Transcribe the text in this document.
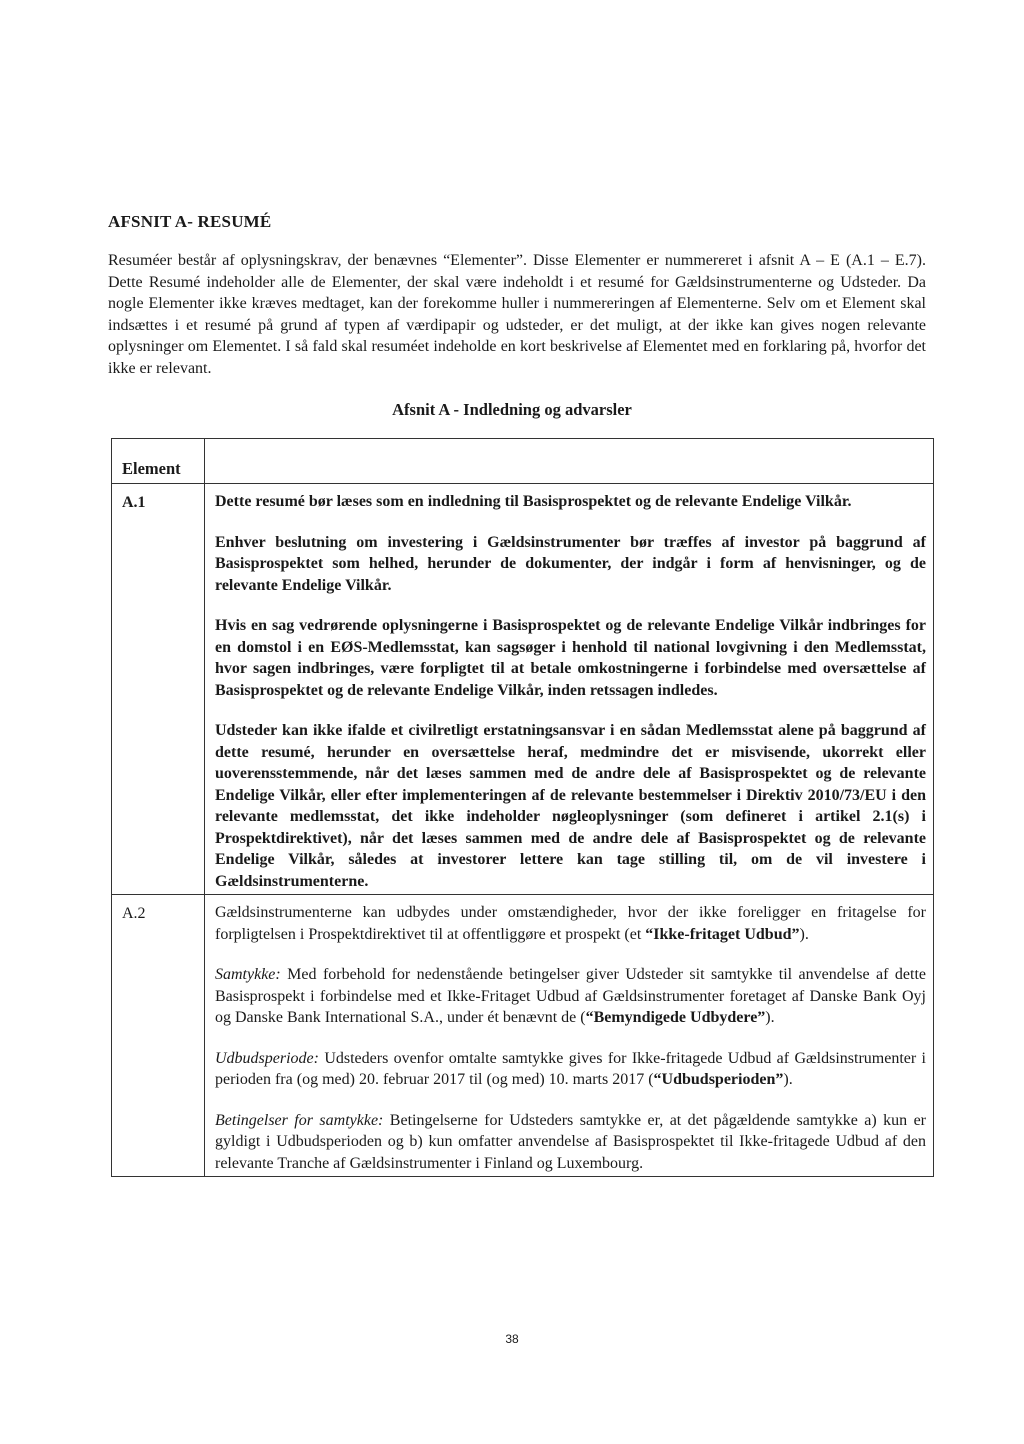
AFSNIT A- RESUMÉ
Resuméer består af oplysningskrav, der benævnes “Elementer”. Disse Elementer er nummereret i afsnit A – E (A.1 – E.7). Dette Resumé indeholder alle de Elementer, der skal være indeholdt i et resumé for Gældsinstrumenterne og Udsteder. Da nogle Elementer ikke kræves medtaget, kan der forekomme huller i nummereringen af Elementerne. Selv om et Element skal indsættes i et resumé på grund af typen af værdipapir og udsteder, er det muligt, at der ikke kan gives nogen relevante oplysninger om Elementet. I så fald skal resuméet indeholde en kort beskrivelse af Elementet med en forklaring på, hvorfor det ikke er relevant.
Afsnit A - Indledning og advarsler
Element	

A.1	Dette resumé bør læses som en indledning til Basisprospektet og de relevante Endelige Vilkår.

Enhver beslutning om investering i Gældsinstrumenter bør træffes af investor på baggrund af Basisprospektet som helhed, herunder de dokumenter, der indgår i form af henvisninger, og de relevante Endelige Vilkår.

Hvis en sag vedrørende oplysningerne i Basisprospektet og de relevante Endelige Vilkår indbringes for en domstol i en EØS-Medlemsstat, kan sagsøger i henhold til national lovgivning i den Medlemsstat, hvor sagen indbringes, være forpligtet til at betale omkostningerne i forbindelse med oversættelse af Basisprospektet og de relevante Endelige Vilkår, inden retssagen indledes.

Udsteder kan ikke ifalde et civilretligt erstatningsansvar i en sådan Medlemsstat alene på baggrund af dette resumé, herunder en oversættelse heraf, medmindre det er misvisende, ukorrekt eller uoverensstemmende, når det læses sammen med de andre dele af Basisprospektet og de relevante Endelige Vilkår, eller efter implementeringen af de relevante bestemmelser i Direktiv 2010/73/EU i den relevante medlemsstat, det ikke indeholder nøgleoplysninger (som defineret i artikel 2.1(s) i Prospektdirektivet), når det læses sammen med de andre dele af Basisprospektet og de relevante Endelige Vilkår, således at investorer lettere kan tage stilling til, om de vil investere i Gældsinstrumenterne.

A.2	Gældsinstrumenterne kan udbydes under omstændigheder, hvor der ikke foreligger en fritagelse for forpligtelsen i Prospektdirektivet til at offentliggøre et prospekt (et “Ikke-fritaget Udbud”).

Samtykke: Med forbehold for nedenstående betingelser giver Udsteder sit samtykke til anvendelse af dette Basisprospekt i forbindelse med et Ikke-Fritaget Udbud af Gældsinstrumenter foretaget af Danske Bank Oyj og Danske Bank International S.A., under ét benævnt de (“Bemyndigede Udbydere”).

Udbudsperiode: Udsteders ovenfor omtalte samtykke gives for Ikke-fritagede Udbud af Gældsinstrumenter i perioden fra (og med) 20. februar 2017 til (og med) 10. marts 2017 (“Udbudsperioden”).

Betingelser for samtykke: Betingelserne for Udsteders samtykke er, at det pågældende samtykke a) kun er gyldigt i Udbudsperioden og b) kun omfatter anvendelse af Basisprospektet til Ikke-fritagede Udbud af den relevante Tranche af Gældsinstrumenter i Finland og Luxembourg.

38
